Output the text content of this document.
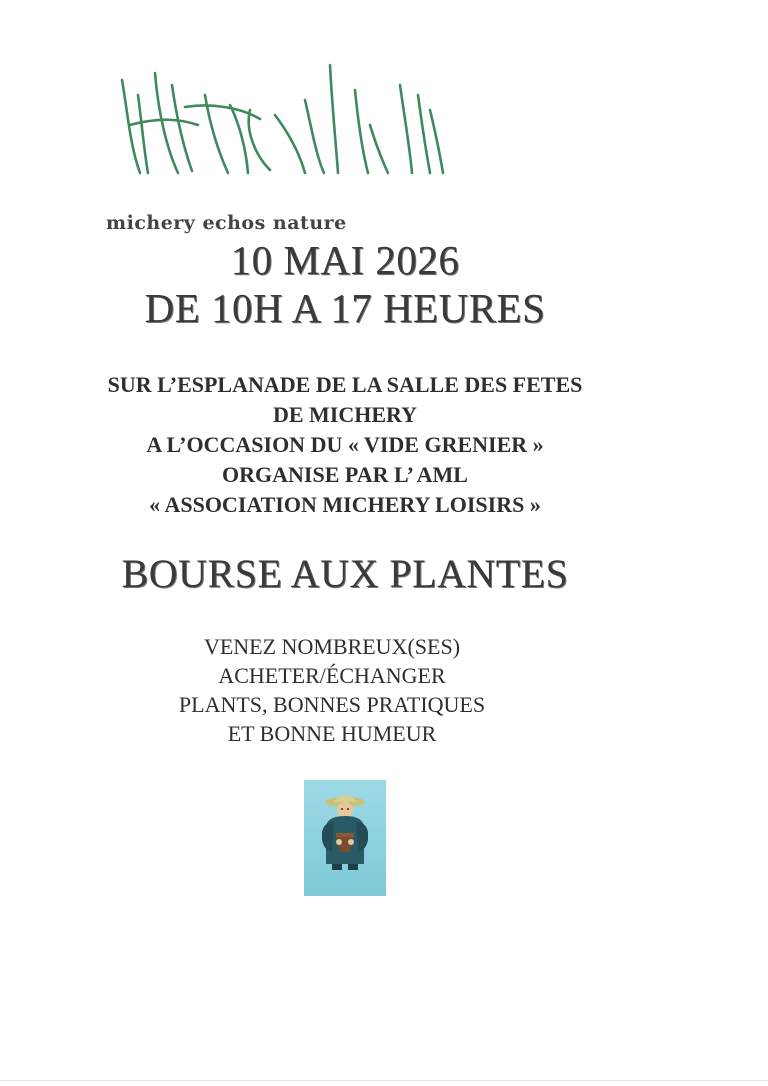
michery echos nature
10 MAI 2026
DE 10H A 17 HEURES
SUR L’ESPLANADE DE LA SALLE DES FETES
DE MICHERY
A L’OCCASION DU « VIDE GRENIER »
ORGANISE PAR L’ AML
« ASSOCIATION MICHERY LOISIRS »
BOURSE AUX PLANTES
VENEZ NOMBREUX(SES)
ACHETER/ÉCHANGER
PLANTS, BONNES PRATIQUES
ET BONNE HUMEUR
